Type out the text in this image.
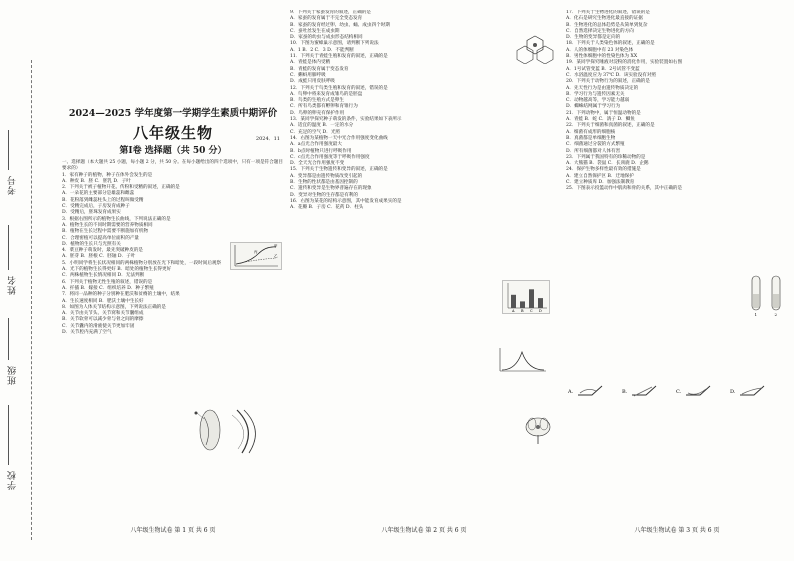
考号
姓名
班级
学校
2024—2025 学年度第一学期学生素质中期评价
八年级生物	2024．11
第Ⅰ卷 选择题（共 50 分）
一、选择题（本大题共 25 小题，每小题 2 分，共 50 分。在每小题给出的四个选项中，只有一项是符合题目要求的）
1．家有种子的植物，种子在体外会发生的是
A．种皮 B．胚 C．胚乳 D．子叶
2．下列关于被子植物开花、传粉和受精的叙述，正确的是
A．一朵花的主要部分是雄蕊和雌蕊
B．花粉落到雌蕊柱头上的过程叫做受精
C．受精完成后，子房发育成种子
D．受精后，胚珠发育成果实
3．根据右图所示的植物生长曲线，下列说法正确的是
A．植物生长的不同时期需要的营养物质相同
B．植物在生长过程中需要不断施加有机物
C．合理密植可以提高单位面积的产量
D．植物的生长只与光照有关
4．菜豆种子萌发时，最先突破种皮的是
A．胚芽 B．胚根 C．胚轴 D．子叶
5．小明同学将生长状况相同的两株植物分别放在光下和暗处，一段时间后观察
A．光下的植物生长得更好 B．暗处的植物生长得更好
C．两株植物生长情况相同 D．无法判断
6．下列关于植物无性生殖的叙述，错误的是
A．扦插 B．嫁接 C．组织培养 D．种子繁殖
7．将同一品种的种子分别种在肥沃和贫瘠的土壤中，结果
A．生长速度相同 B．肥沃土壤中生长好
8．如图为人体关节结构示意图，下列说法正确的是
A．关节由关节头、关节窝和关节囊组成
B．关节软骨可以减少骨与骨之间的摩擦
C．关节囊内的滑液使关节更加牢固
D．关节腔内充满了空气
甲
乙
丙
八年级生物试卷 第 1 页 共 6 页
9．下列关于家蚕发育的叙述，正确的是
A．家蚕的发育属于不完全变态发育
B．家蚕的发育经过卵、幼虫、蛹、成虫四个时期
C．蚕吐丝发生在成虫期
D．家蚕的幼虫与成虫形态结构相同
10．下图为蜜蜂巢示意图，请判断下列说法
A．1 B．2 C．3 D．不能判断
11．下列关于青蛙生殖和发育的叙述，正确的是
A．青蛙是体内受精
B．青蛙的发育属于变态发育
C．蝌蚪用肺呼吸
D．成蛙只用皮肤呼吸
12．下列关于鸟类生殖和发育的叙述，错误的是
A．鸟卵中将来发育成雏鸟的是胚盘
B．鸟类的生殖方式是卵生
C．所有鸟类都有孵卵和育雏行为
D．鸟卵的卵壳有保护作用
13．某同学探究种子萌发的条件，实验结果如下表所示
A．适宜的温度 B．一定的水分
C．充足的空气 D．光照
14．右图为某植物一天中光合作用强度变化曲线
A．a点光合作用强度最大
B．b点时植物只进行呼吸作用
C．c点光合作用强度等于呼吸作用强度
D．全天光合作用强度不变
15．下列关于生物遗传和变异的叙述，正确的是
A．变异都是由遗传物质改变引起的
B．生物的性状都是由基因控制的
C．遗传和变异是生物界普遍存在的现象
D．变异对生物的生存都是有利的
16．右图为某花的结构示意图，其中能发育成果实的是
A．花瓣 B．子房 C．花药 D．柱头
A B C D
八年级生物试卷 第 2 页 共 6 页
17．下列关于生物进化的叙述，错误的是
A．化石是研究生物进化最直接的证据
B．生物进化的总体趋势是从简单到复杂
C．自然选择决定生物进化的方向
D．生物的变异都是定向的
18．下列关于人类染色体的叙述，正确的是
A．人的体细胞中有 23 对染色体
B．男性体细胞中的性染色体为 XX
19．某同学探究唾液对淀粉的消化作用，实验装置如右图
A．1号试管变蓝 B．2号试管不变蓝
C．水浴温度应为 37℃ D．该实验没有对照
20．下列关于动物行为的叙述，正确的是
A．先天性行为是由遗传物质决定的
B．学习行为与遗传因素无关
C．动物越高等，学习能力越弱
D．蜘蛛结网属于学习行为
21．下列动物中，属于恒温动物的是
A．青蛙 B．蛇 C．鸽子 D．鲫鱼
22．下列关于细菌和真菌的叙述，正确的是
A．细菌有成形的细胞核
B．真菌都是单细胞生物
C．细菌通过分裂的方式繁殖
D．所有细菌都对人体有害
23．下列属于我国特有的珍稀动物的是
A．大熊猫 B．袋鼠 C．长颈鹿 D．企鹅
24．保护生物多样性最有效的措施是
A．建立自然保护区 B．迁地保护
C．建立种质库 D．加强法制教育
25．下图表示投篮动作中肌肉和骨的关系，其中正确的是
1	2
A.	B.	C.	D.
八年级生物试卷 第 3 页 共 6 页
